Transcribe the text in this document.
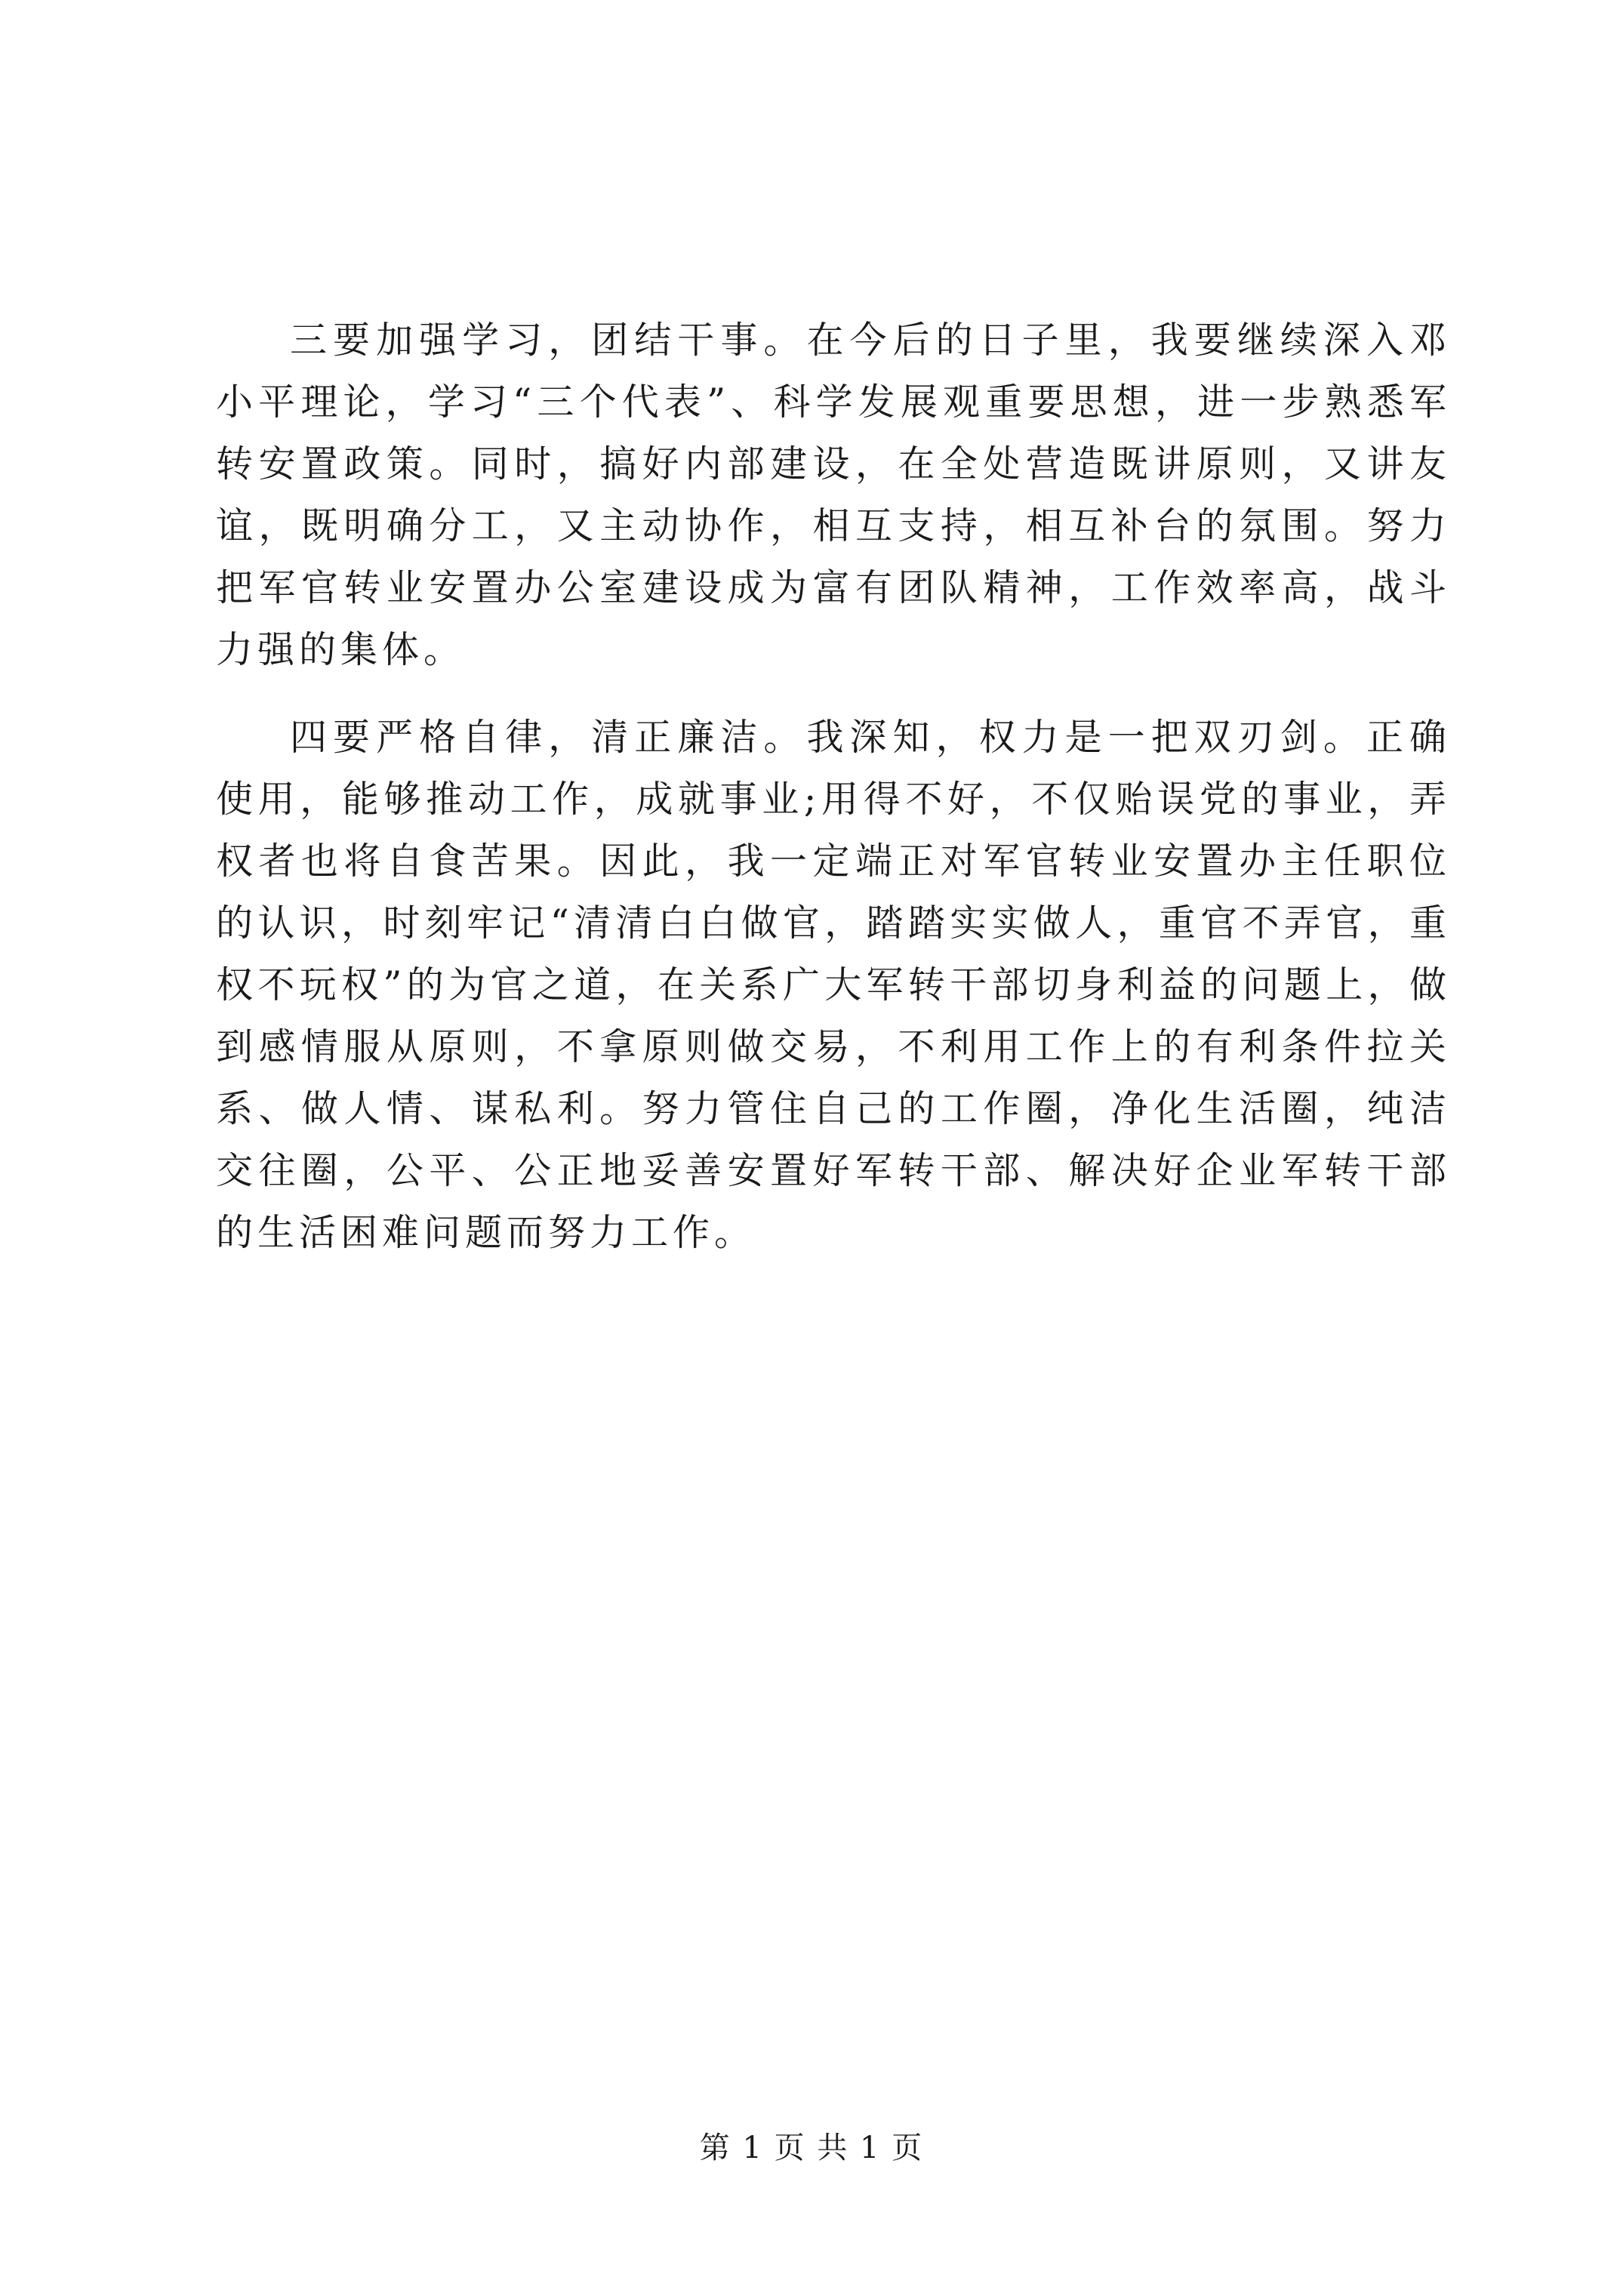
三要加强学习，团结干事。在今后的日子里，我要继续深入邓小平理论，学习“三个代表”、科学发展观重要思想，进一步熟悉军转安置政策。同时，搞好内部建设，在全处营造既讲原则，又讲友谊，既明确分工，又主动协作，相互支持，相互补台的氛围。努力把军官转业安置办公室建设成为富有团队精神，工作效率高，战斗力强的集体。

四要严格自律，清正廉洁。我深知，权力是一把双刃剑。正确使用，能够推动工作，成就事业;用得不好，不仅贻误党的事业，弄权者也将自食苦果。因此，我一定端正对军官转业安置办主任职位的认识，时刻牢记“清清白白做官，踏踏实实做人，重官不弄官，重权不玩权”的为官之道，在关系广大军转干部切身利益的问题上，做到感情服从原则，不拿原则做交易，不利用工作上的有利条件拉关系、做人情、谋私利。努力管住自己的工作圈，净化生活圈，纯洁交往圈，公平、公正地妥善安置好军转干部、解决好企业军转干部的生活困难问题而努力工作。

第 1 页 共 1 页
